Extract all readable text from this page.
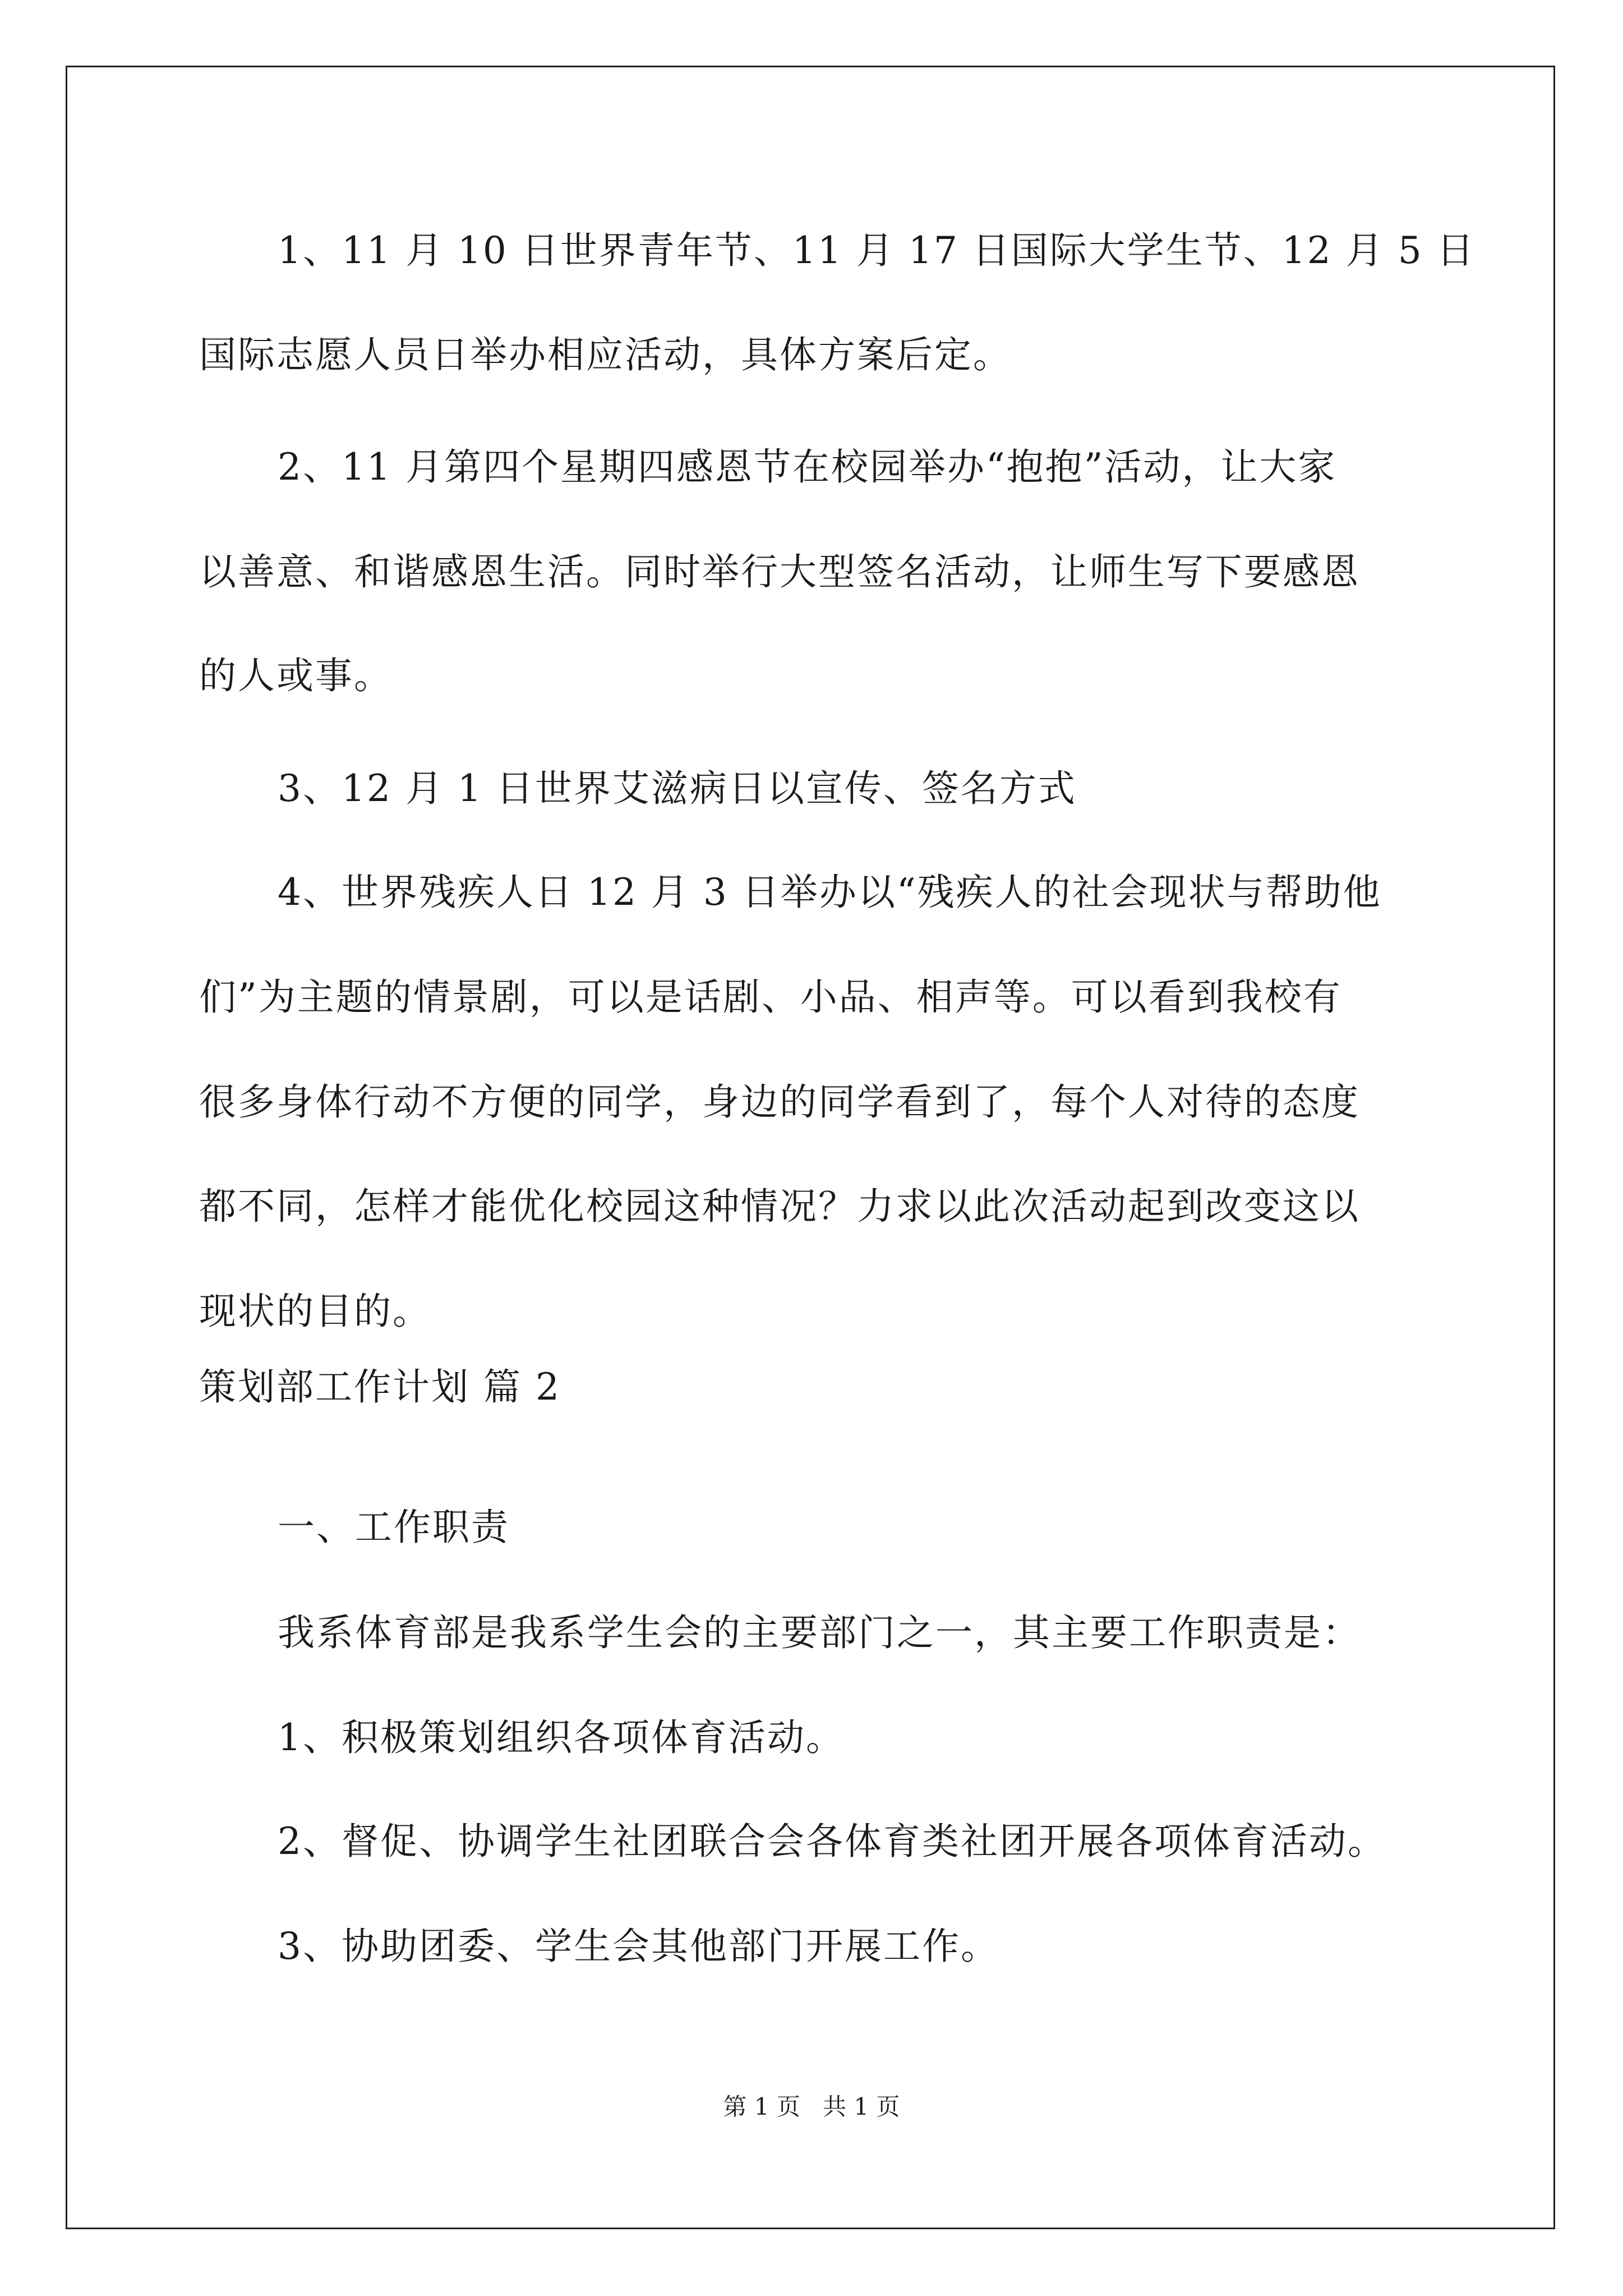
1、11 月 10 日世界青年节、11 月 17 日国际大学生节、12 月 5 日
国际志愿人员日举办相应活动，具体方案后定。
2、11 月第四个星期四感恩节在校园举办“抱抱”活动，让大家
以善意、和谐感恩生活。同时举行大型签名活动，让师生写下要感恩
的人或事。
3、12 月 1 日世界艾滋病日以宣传、签名方式
4、世界残疾人日 12 月 3 日举办以“残疾人的社会现状与帮助他
们”为主题的情景剧，可以是话剧、小品、相声等。可以看到我校有
很多身体行动不方便的同学，身边的同学看到了，每个人对待的态度
都不同，怎样才能优化校园这种情况？力求以此次活动起到改变这以
现状的目的。
策划部工作计划 篇 2
一、工作职责
我系体育部是我系学生会的主要部门之一，其主要工作职责是：
1、积极策划组织各项体育活动。
2、督促、协调学生社团联合会各体育类社团开展各项体育活动。
3、协助团委、学生会其他部门开展工作。
第 1 页   共 1 页
